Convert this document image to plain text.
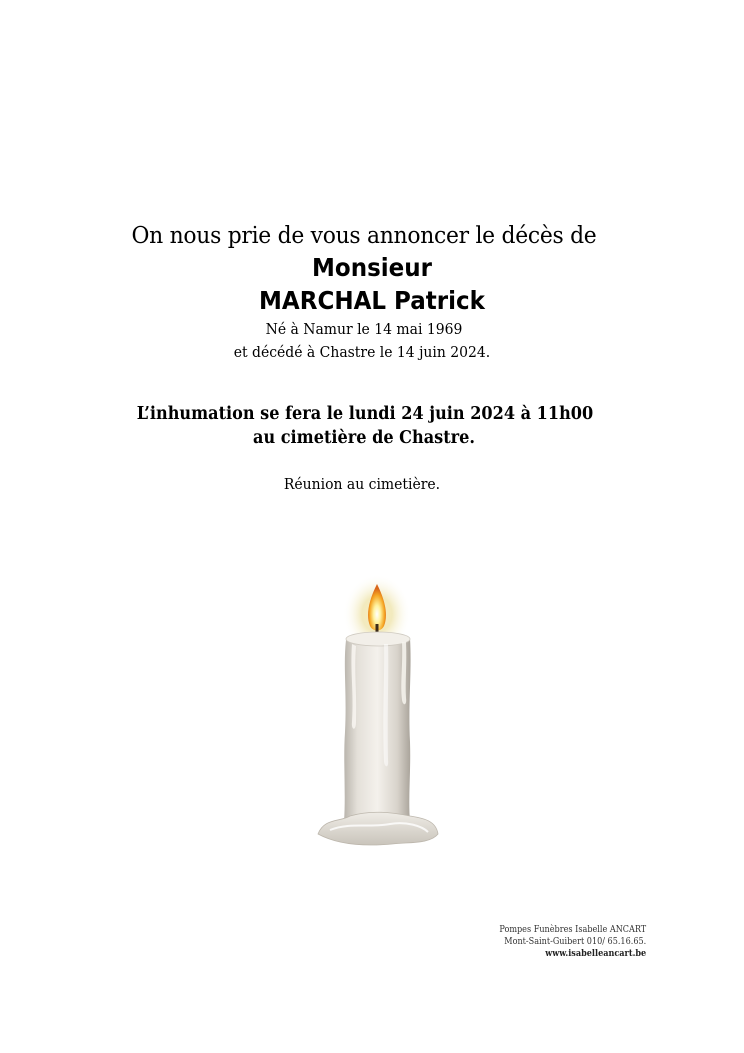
On nous prie de vous annoncer le décès de
Monsieur
MARCHAL Patrick
Né à Namur le 14 mai 1969
et décédé à Chastre le 14 juin 2024.
L’inhumation se fera le lundi 24 juin 2024 à 11h00
au cimetière de Chastre.
Réunion au cimetière.
Pompes Funèbres Isabelle ANCART
Mont-Saint-Guibert 010/ 65.16.65.
www.isabelleancart.be
